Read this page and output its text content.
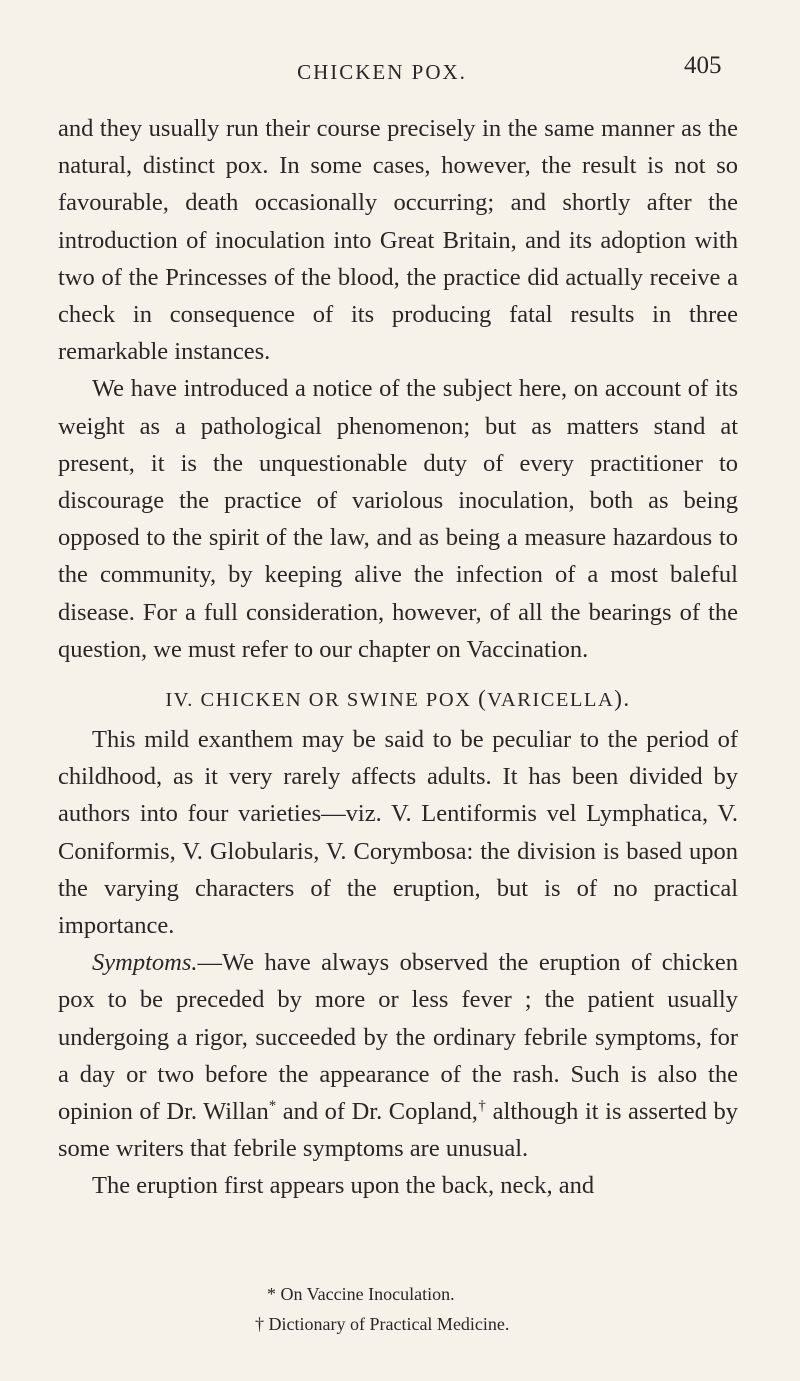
CHICKEN POX.	405

and they usually run their course precisely in the same manner as the natural, distinct pox. In some cases, however, the result is not so favourable, death occasionally occurring; and shortly after the introduction of inoculation into Great Britain, and its adoption with two of the Princesses of the blood, the practice did actually receive a check in consequence of its producing fatal results in three remarkable instances.

We have introduced a notice of the subject here, on account of its weight as a pathological phenomenon; but as matters stand at present, it is the unquestionable duty of every practitioner to discourage the practice of variolous inoculation, both as being opposed to the spirit of the law, and as being a measure hazardous to the community, by keeping alive the infection of a most baleful disease. For a full consideration, however, of all the bearings of the question, we must refer to our chapter on Vaccination.

IV. CHICKEN OR SWINE POX (VARICELLA).

This mild exanthem may be said to be peculiar to the period of childhood, as it very rarely affects adults. It has been divided by authors into four varieties—viz. V. Lentiformis vel Lymphatica, V. Coniformis, V. Globularis, V. Corymbosa: the division is based upon the varying characters of the eruption, but is of no practical importance.

Symptoms.—We have always observed the eruption of chicken pox to be preceded by more or less fever ; the patient usually undergoing a rigor, succeeded by the ordinary febrile symptoms, for a day or two before the appearance of the rash. Such is also the opinion of Dr. Willan* and of Dr. Copland,† although it is asserted by some writers that febrile symptoms are unusual.

The eruption first appears upon the back, neck, and

* On Vaccine Inoculation.
† Dictionary of Practical Medicine.
